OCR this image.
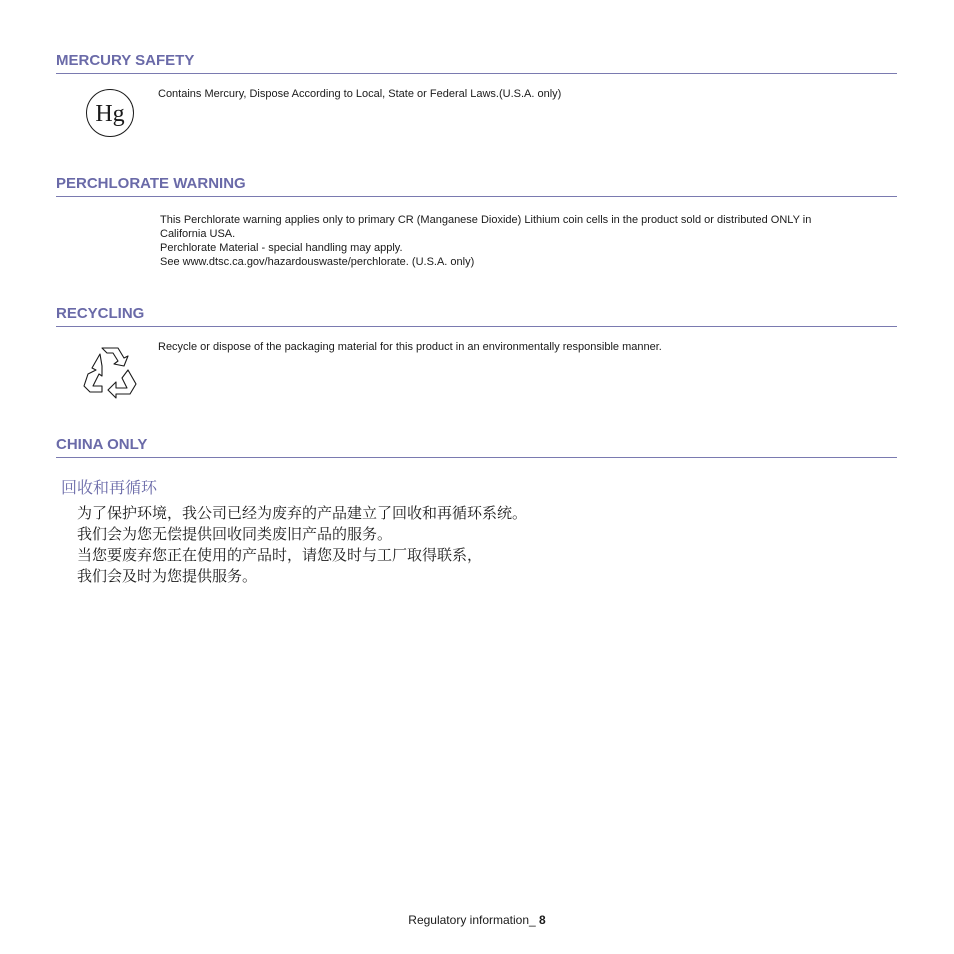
MERCURY SAFETY
Hg
Contains Mercury, Dispose According to Local, State or Federal Laws.(U.S.A. only)
PERCHLORATE WARNING
This Perchlorate warning applies only to primary CR (Manganese Dioxide) Lithium coin cells in the product sold or distributed ONLY in California USA.
Perchlorate Material - special handling may apply.
See www.dtsc.ca.gov/hazardouswaste/perchlorate. (U.S.A. only)
RECYCLING
Recycle or dispose of the packaging material for this product in an environmentally responsible manner.
CHINA ONLY
回收和再循环
为了保护环境，我公司已经为废弃的产品建立了回收和再循环系统。
我们会为您无偿提供回收同类废旧产品的服务。
当您要废弃您正在使用的产品时，请您及时与工厂取得联系，
我们会及时为您提供服务。
Regulatory information_ 8
